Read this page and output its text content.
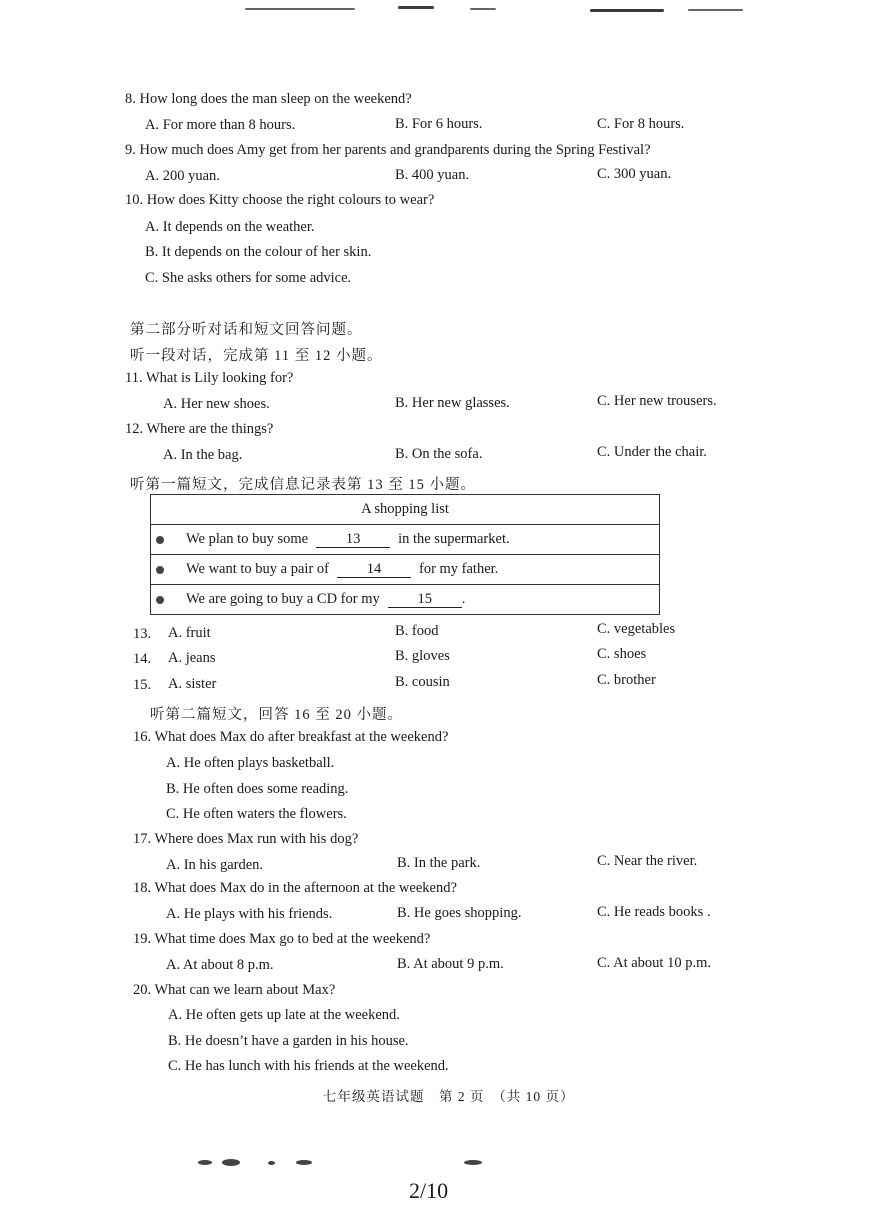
8. How long does the man sleep on the weekend?
A. For more than 8 hours.	B. For 6 hours.	C. For 8 hours.
9. How much does Amy get from her parents and grandparents during the Spring Festival?
A. 200 yuan.	B. 400 yuan.	C. 300 yuan.
10. How does Kitty choose the right colours to wear?
A. It depends on the weather.
B. It depends on the colour of her skin.
C. She asks others for some advice.
第二部分听对话和短文回答问题。
听一段对话，完成第 11 至 12 小题。
11. What is Lily looking for?
A. Her new shoes.	B. Her new glasses.	C. Her new trousers.
12. Where are the things?
A. In the bag.	B. On the sofa.	C. Under the chair.
听第一篇短文，完成信息记录表第 13 至 15 小题。
A shopping list

We plan to buy some	13	in the supermarket.

We want to buy a pair of	14	for my father.

We are going to buy a CD for my	15	.
13. A. fruit	B. food	C. vegetables
14. A. jeans	B. gloves	C. shoes
15. A. sister	B. cousin	C. brother
听第二篇短文，回答 16 至 20 小题。
16. What does Max do after breakfast at the weekend?
A. He often plays basketball.
B. He often does some reading.
C. He often waters the flowers.
17. Where does Max run with his dog?
A. In his garden.	B. In the park.	C. Near the river.
18. What does Max do in the afternoon at the weekend?
A. He plays with his friends.	B. He goes shopping.	C. He reads books .
19. What time does Max go to bed at the weekend?
A. At about 8 p.m.	B. At about 9 p.m.	C. At about 10 p.m.
20. What can we learn about Max?
A. He often gets up late at the weekend.
B. He doesn’t have a garden in his house.
C. He has lunch with his friends at the weekend.
七年级英语试题　第 2 页　（共 10 页）
2/10
